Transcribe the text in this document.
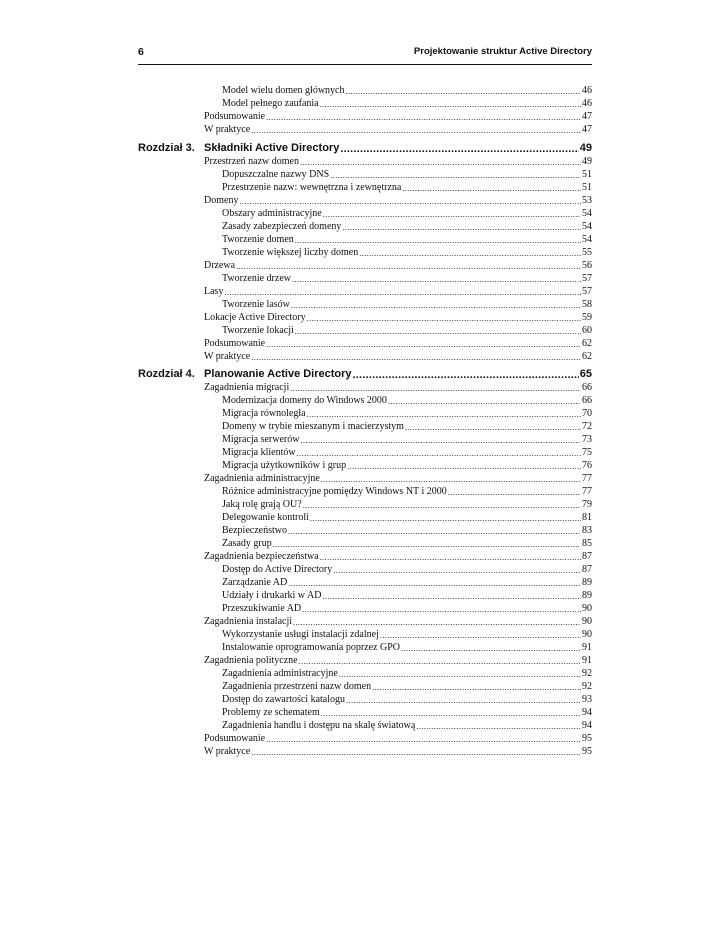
6	Projektowanie struktur Active Directory
Model wielu domen głównych .....	46
Model pełnego zaufania .....	46
Podsumowanie .....	47
W praktyce .....	47
Rozdział 3. Składniki Active Directory .....	49
Przestrzeń nazw domen .....	49
Dopuszczalne nazwy DNS .....	51
Przestrzenie nazw: wewnętrzna i zewnętrzna .....	51
Domeny .....	53
Obszary administracyjne .....	54
Zasady zabezpieczeń domeny .....	54
Tworzenie domen .....	54
Tworzenie większej liczby domen .....	55
Drzewa .....	56
Tworzenie drzew .....	57
Lasy .....	57
Tworzenie lasów .....	58
Lokacje Active Directory .....	59
Tworzenie lokacji .....	60
Podsumowanie .....	62
W praktyce .....	62
Rozdział 4. Planowanie Active Directory .....	65
Zagadnienia migracji .....	66
Modernizacja domeny do Windows 2000 .....	66
Migracja równoległa .....	70
Domeny w trybie mieszanym i macierzystym .....	72
Migracja serwerów .....	73
Migracja klientów .....	75
Migracja użytkowników i grup .....	76
Zagadnienia administracyjne .....	77
Różnice administracyjne pomiędzy Windows NT i 2000 .....	77
Jaką rolę grają OU? .....	79
Delegowanie kontroli .....	81
Bezpieczeństwo .....	83
Zasady grup .....	85
Zagadnienia bezpieczeństwa .....	87
Dostęp do Active Directory .....	87
Zarządzanie AD .....	89
Udziały i drukarki w AD .....	89
Przeszukiwanie AD .....	90
Zagadnienia instalacji .....	90
Wykorzystanie usługi instalacji zdalnej .....	90
Instalowanie oprogramowania poprzez GPO .....	91
Zagadnienia polityczne .....	91
Zagadnienia administracyjne .....	92
Zagadnienia przestrzeni nazw domen .....	92
Dostęp do zawartości katalogu .....	93
Problemy ze schematem .....	94
Zagadnienia handlu i dostępu na skalę światową .....	94
Podsumowanie .....	95
W praktyce .....	95
